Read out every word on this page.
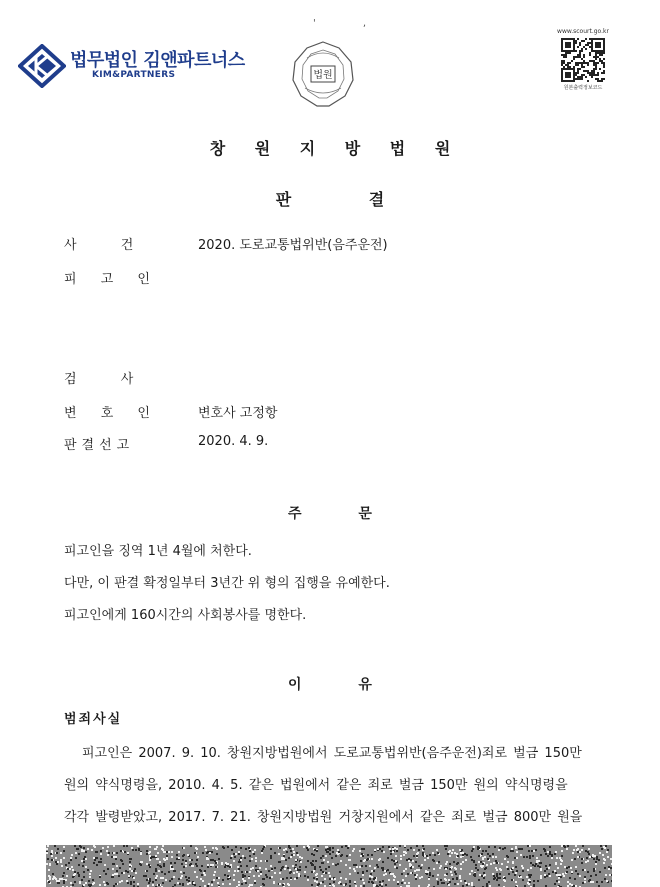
법무법인 김앤파트너스
KIM&PARTNERS
' ,
법원
www.scourt.go.kr
원본출력정보코드
창 원 지 방 법 원
판 결
사 건	2020. 도로교통법위반(음주운전)
피 고 인
검 사
변 호 인	변호사 고정항
판결선고	2020. 4. 9.
주 문
피고인을 징역 1년 4월에 처한다.
다만, 이 판결 확정일부터 3년간 위 형의 집행을 유예한다.
피고인에게 160시간의 사회봉사를 명한다.
이 유
범죄사실
피고인은 2007. 9. 10. 창원지방법원에서 도로교통법위반(음주운전)죄로 벌금 150만
원의 약식명령을, 2010. 4. 5. 같은 법원에서 같은 죄로 벌금 150만 원의 약식명령을
각각 발령받았고, 2017. 7. 21. 창원지방법원 거창지원에서 같은 죄로 벌금 800만 원을
